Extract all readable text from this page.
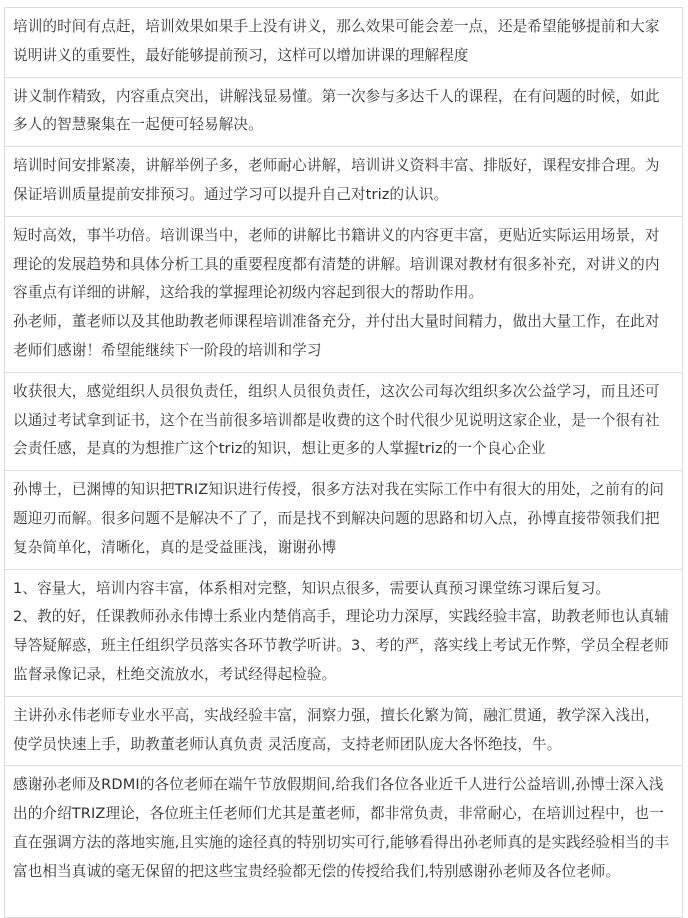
培训的时间有点赶，培训效果如果手上没有讲义，那么效果可能会差一点，还是希望能够提前和大家说明讲义的重要性，最好能够提前预习，这样可以增加讲课的理解程度

讲义制作精致，内容重点突出，讲解浅显易懂。第一次参与多达千人的课程，在有问题的时候，如此多人的智慧聚集在一起便可轻易解决。

培训时间安排紧凑，讲解举例子多，老师耐心讲解，培训讲义资料丰富、排版好，课程安排合理。为保证培训质量提前安排预习。通过学习可以提升自己对triz的认识。

短时高效，事半功倍。培训课当中，老师的讲解比书籍讲义的内容更丰富，更贴近实际运用场景，对理论的发展趋势和具体分析工具的重要程度都有清楚的讲解。培训课对教材有很多补充，对讲义的内容重点有详细的讲解，这给我的掌握理论初级内容起到很大的帮助作用。
孙老师，董老师以及其他助教老师课程培训准备充分，并付出大量时间精力，做出大量工作，在此对老师们感谢！希望能继续下一阶段的培训和学习

收获很大，感觉组织人员很负责任，组织人员很负责任，这次公司每次组织多次公益学习，而且还可以通过考试拿到证书，这个在当前很多培训都是收费的这个时代很少见说明这家企业，是一个很有社会责任感，是真的为想推广这个triz的知识，想让更多的人掌握triz的一个良心企业

孙博士，已渊博的知识把TRIZ知识进行传授，很多方法对我在实际工作中有很大的用处，之前有的问题迎刃而解。很多问题不是解决不了了，而是找不到解决问题的思路和切入点，孙博直接带领我们把复杂简单化，清晰化，真的是受益匪浅，谢谢孙博

1、容量大，培训内容丰富，体系相对完整，知识点很多，需要认真预习课堂练习课后复习。
2、教的好，任课教师孙永伟博士系业内楚俏高手，理论功力深厚，实践经验丰富，助教老师也认真辅导答疑解惑，班主任组织学员落实各环节教学听讲。3、考的严，落实线上考试无作弊，学员全程老师监督录像记录，杜绝交流放水，考试经得起检验。

主讲孙永伟老师专业水平高，实战经验丰富，洞察力强，擅长化繁为简，融汇贯通，教学深入浅出，使学员快速上手，助教董老师认真负责 灵活度高，支持老师团队庞大各怀绝技，牛。

感谢孙老师及RDMI的各位老师在端午节放假期间,给我们各位各业近千人进行公益培训,孙博士深入浅出的介绍TRIZ理论，各位班主任老师们尤其是董老师，都非常负责，非常耐心，在培训过程中，也一直在强调方法的落地实施,且实施的途径真的特别切实可行,能够看得出孙老师真的是实践经验相当的丰富也相当真诚的毫无保留的把这些宝贵经验都无偿的传授给我们,特别感谢孙老师及各位老师。
